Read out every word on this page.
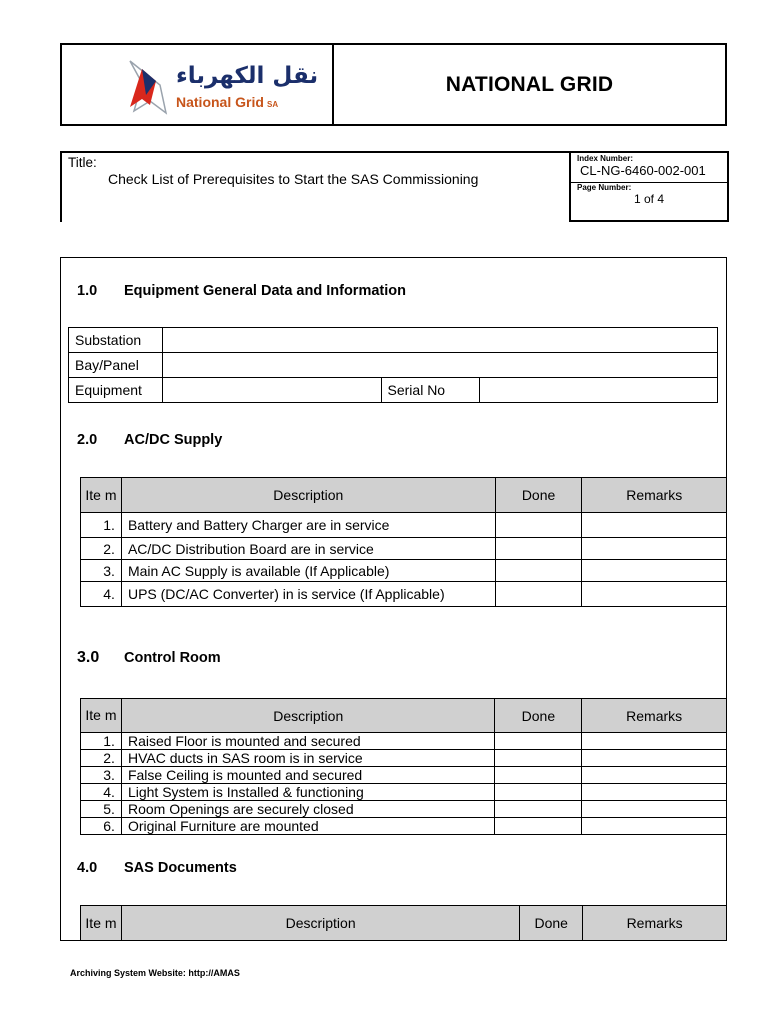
نقل الكهرباء
National Grid SA
NATIONAL GRID
Title:
Check List of Prerequisites to Start the SAS Commissioning
Index Number:
CL-NG-6460-002-001
Page Number:
1 of 4
1.0 Equipment General Data and Information
Substation			
Bay/Panel			
Equipment		Serial No	
2.0 AC/DC Supply
Ite m	Description	Done	Remarks
1.	Battery and Battery Charger are in service		
2.	AC/DC Distribution Board are in service		
3.	Main AC Supply is available (If Applicable)		
4.	UPS (DC/AC Converter) in is service (If Applicable)		
3.0 Control Room
Ite m	Description	Done	Remarks
1.	Raised Floor is mounted and secured		
2.	HVAC ducts in SAS room is in service		
3.	False Ceiling is mounted and secured		
4.	Light System is Installed & functioning		
5.	Room Openings are securely closed		
6.	Original Furniture are mounted		
4.0 SAS Documents
Ite m	Description	Done	Remarks
Archiving System Website: http://AMAS
